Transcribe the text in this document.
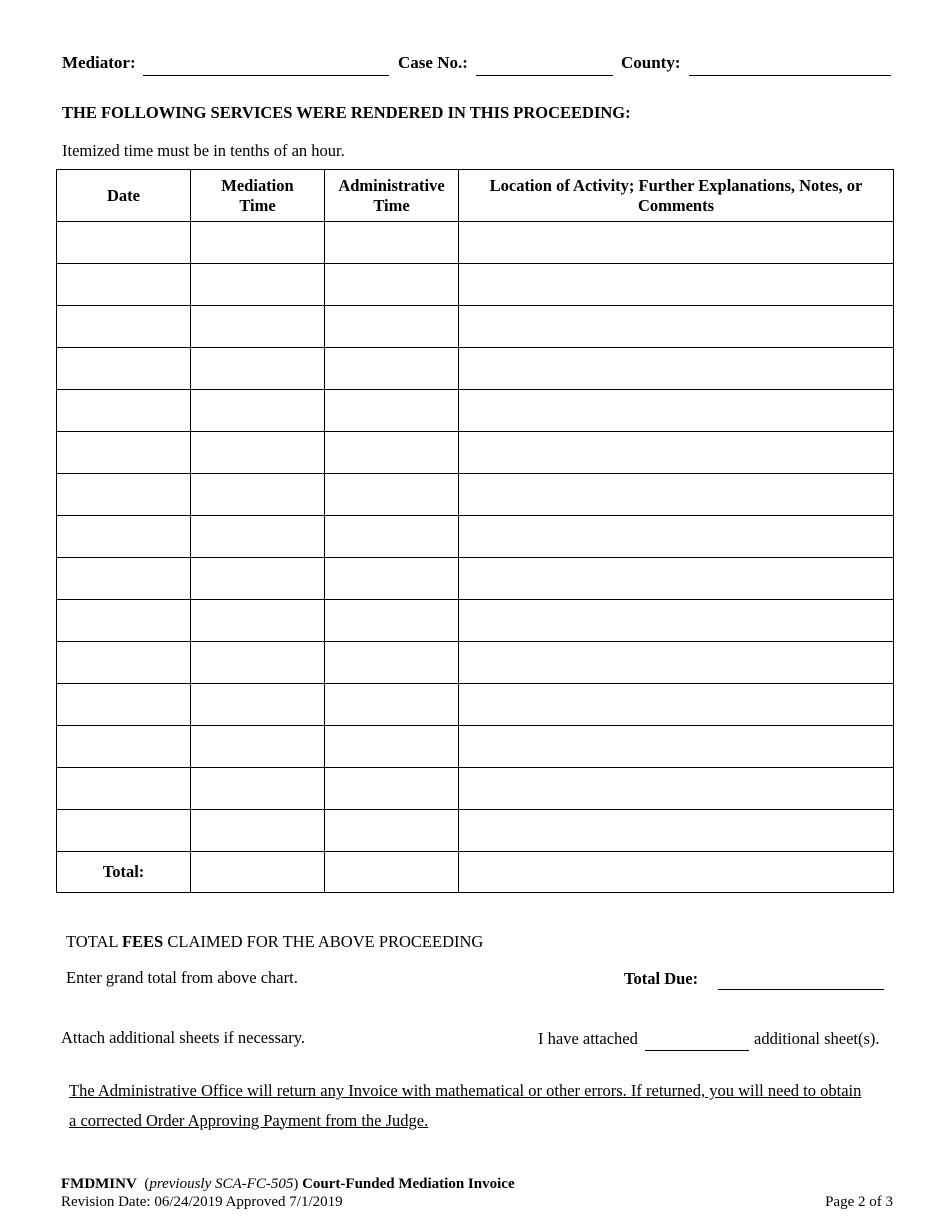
Mediator:	Case No.:	County:
THE FOLLOWING SERVICES WERE RENDERED IN THIS PROCEEDING:
Itemized time must be in tenths of an hour.
Date	Mediation Time	Administrative Time	Location of Activity; Further Explanations, Notes, or Comments

Total:			
TOTAL FEES CLAIMED FOR THE ABOVE PROCEEDING
Enter grand total from above chart.	Total Due:
Attach additional sheets if necessary.	I have attached	additional sheet(s).
The Administrative Office will return any Invoice with mathematical or other errors. If returned, you will need to obtain a corrected Order Approving Payment from the Judge.
FMDMINV  (previously SCA-FC-505) Court-Funded Mediation Invoice
Revision Date: 06/24/2019 Approved 7/1/2019	Page 2 of 3
